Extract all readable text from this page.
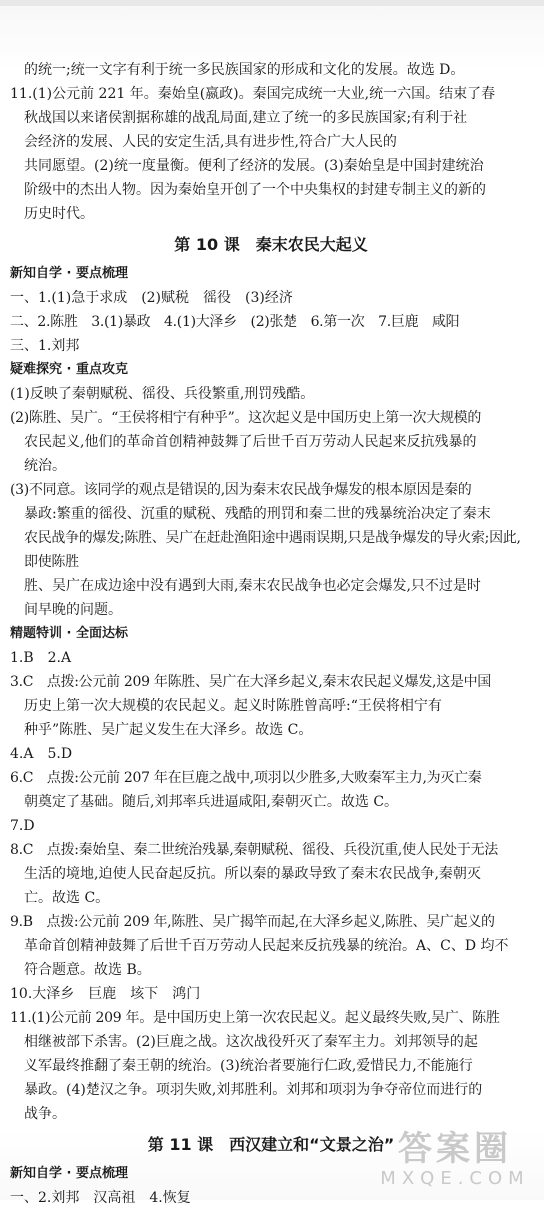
的统一;统一文字有利于统一多民族国家的形成和文化的发展。故选 D。

11.(1)公元前 221 年。秦始皇(嬴政)。秦国完成统一大业,统一六国。结束了春

秋战国以来诸侯割据称雄的战乱局面,建立了统一的多民族国家;有利于社

会经济的发展、人民的安定生活,具有进步性,符合广大人民的

共同愿望。(2)统一度量衡。便利了经济的发展。(3)秦始皇是中国封建统治

阶级中的杰出人物。因为秦始皇开创了一个中央集权的封建专制主义的新的

历史时代。

第 10 课　秦末农民大起义

新知自学 · 要点梳理

一、1.(1)急于求成　(2)赋税　徭役　(3)经济

二、2.陈胜　3.(1)暴政　4.(1)大泽乡　(2)张楚　6.第一次　7.巨鹿　咸阳

三、1.刘邦

疑难探究 · 重点攻克

(1)反映了秦朝赋税、徭役、兵役繁重,刑罚残酷。

(2)陈胜、吴广。“王侯将相宁有种乎”。这次起义是中国历史上第一次大规模的

农民起义,他们的革命首创精神鼓舞了后世千百万劳动人民起来反抗残暴的

统治。

(3)不同意。该同学的观点是错误的,因为秦末农民战争爆发的根本原因是秦的

暴政:繁重的徭役、沉重的赋税、残酷的刑罚和秦二世的残暴统治决定了秦末

农民战争的爆发;陈胜、吴广在赶赴渔阳途中遇雨误期,只是战争爆发的导火索;因此,即使陈胜

胜、吴广在成边途中没有遇到大雨,秦末农民战争也必定会爆发,只不过是时

间早晚的问题。

精题特训 · 全面达标

1.B　2.A

3.C　点拨:公元前 209 年陈胜、吴广在大泽乡起义,秦末农民起义爆发,这是中国

历史上第一次大规模的农民起义。起义时陈胜曾高呼:“王侯将相宁有

种乎”陈胜、吴广起义发生在大泽乡。故选 C。

4.A　5.D

6.C　点拨:公元前 207 年在巨鹿之战中,项羽以少胜多,大败秦军主力,为灭亡秦

朝奠定了基础。随后,刘邦率兵进逼咸阳,秦朝灭亡。故选 C。

7.D

8.C　点拨:秦始皇、秦二世统治残暴,秦朝赋税、徭役、兵役沉重,使人民处于无法

生活的境地,迫使人民奋起反抗。所以秦的暴政导致了秦末农民战争,秦朝灭

亡。故选 C。

9.B　点拨:公元前 209 年,陈胜、吴广揭竿而起,在大泽乡起义,陈胜、吴广起义的

革命首创精神鼓舞了后世千百万劳动人民起来反抗残暴的统治。A、C、D 均不

符合题意。故选 B。

10.大泽乡　巨鹿　垓下　鸿门

11.(1)公元前 209 年。是中国历史上第一次农民起义。起义最终失败,吴广、陈胜

相继被部下杀害。(2)巨鹿之战。这次战役歼灭了秦军主力。刘邦领导的起

义军最终推翻了秦王朝的统治。(3)统治者要施行仁政,爱惜民力,不能施行

暴政。(4)楚汉之争。项羽失败,刘邦胜利。刘邦和项羽为争夺帝位而进行的

战争。

第 11 课　西汉建立和“文景之治”

新知自学 · 要点梳理

一、2.刘邦　汉高祖　4.恢复

答案圈
MXQE.COM
